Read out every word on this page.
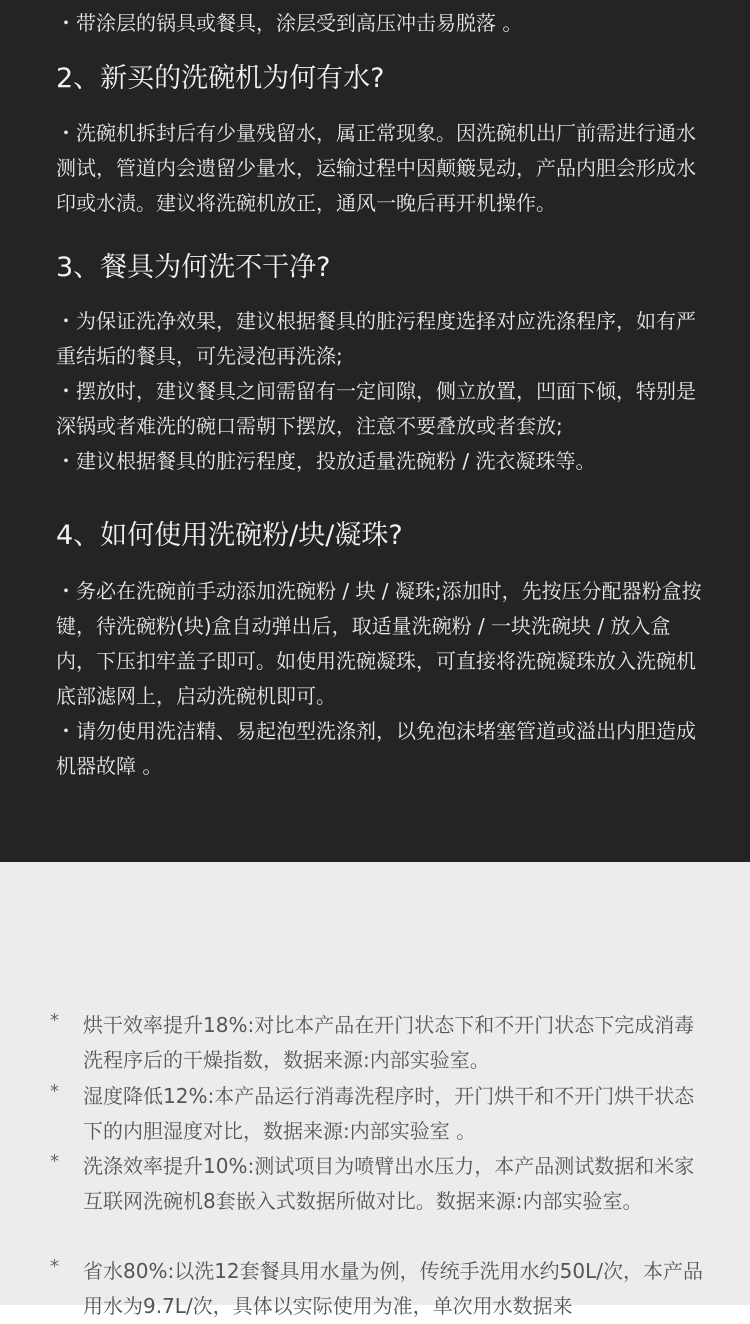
・带涂层的锅具或餐具，涂层受到高压冲击易脱落 。

2、新买的洗碗机为何有水?

・洗碗机拆封后有少量残留水，属正常现象。因洗碗机出厂前需进行通水测试，管道内会遗留少量水，运输过程中因颠簸晃动，产品内胆会形成水印或水渍。建议将洗碗机放正，通风一晚后再开机操作。

3、餐具为何洗不干净?

・为保证洗净效果，建议根据餐具的脏污程度选择对应洗涤程序，如有严重结垢的餐具，可先浸泡再洗涤;

・摆放时，建议餐具之间需留有一定间隙，侧立放置，凹面下倾，特别是深锅或者难洗的碗口需朝下摆放，注意不要叠放或者套放;

・建议根据餐具的脏污程度，投放适量洗碗粉 / 洗衣凝珠等。

4、如何使用洗碗粉/块/凝珠?

・务必在洗碗前手动添加洗碗粉 / 块 / 凝珠;添加时，先按压分配器粉盒按键，待洗碗粉(块)盒自动弹出后，取适量洗碗粉 / 一块洗碗块 / 放入盒内，下压扣牢盖子即可。如使用洗碗凝珠，可直接将洗碗凝珠放入洗碗机底部滤网上，启动洗碗机即可。

・请勿使用洗洁精、易起泡型洗涤剂，以免泡沫堵塞管道或溢出内胆造成机器故障 。

*	烘干效率提升18%:对比本产品在开门状态下和不开门状态下完成消毒洗程序后的干燥指数，数据来源:内部实验室。

*	湿度降低12%:本产品运行消毒洗程序时，开门烘干和不开门烘干状态下的内胆湿度对比，数据来源:内部实验室 。

*	洗涤效率提升10%:测试项目为喷臂出水压力，本产品测试数据和米家互联网洗碗机8套嵌入式数据所做对比。数据来源:内部实验室。

*	省水80%:以洗12套餐具用水量为例，传统手洗用水约50L/次，本产品用水为9.7L/次，具体以实际使用为准，单次用水数据来
